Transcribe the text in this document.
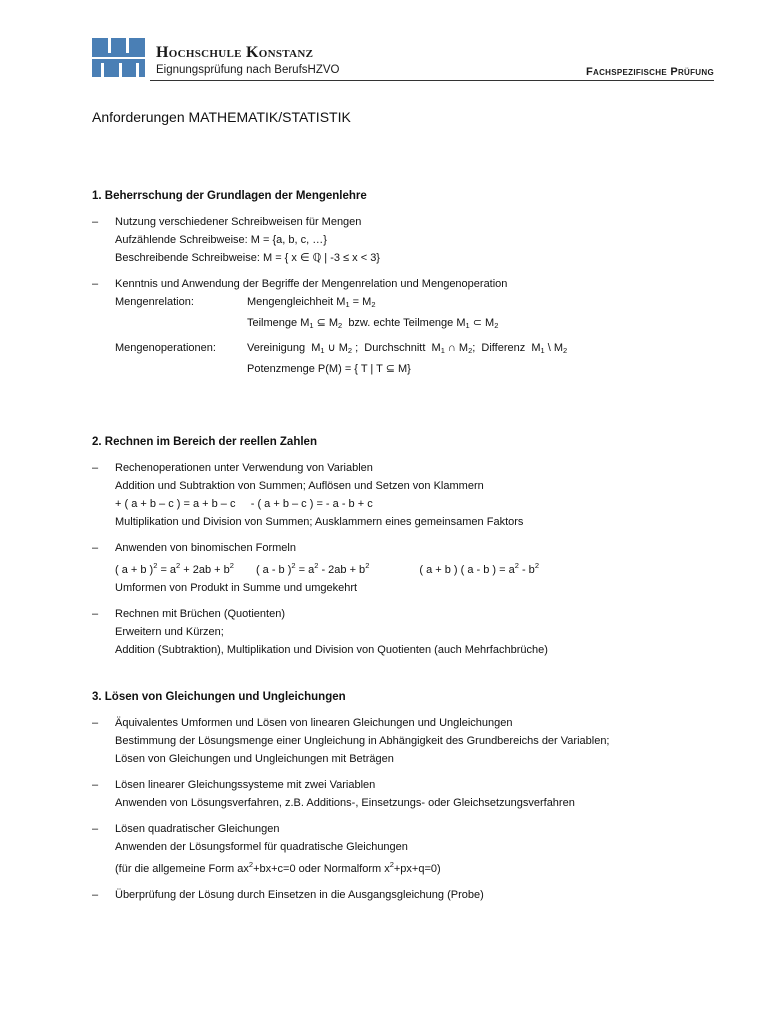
Hochschule Konstanz
Eignungsprüfung nach BerufsHZVO	Fachspezifische Prüfung
Anforderungen MATHEMATIK/STATISTIK
1. Beherrschung der Grundlagen der Mengenlehre
– Nutzung verschiedener Schreibweisen für Mengen
Aufzählende Schreibweise: M = {a, b, c, …}
Beschreibende Schreibweise: M = { x ∈ ℚ | -3 ≤ x < 3}
– Kenntnis und Anwendung der Begriffe der Mengenrelation und Mengenoperation
Mengenrelation:	Mengengleichheit $M_1 = M_2$
Teilmenge $M_1$ ⊆ $M_2$  bzw. echte Teilmenge $M_1$ ⊂ $M_2$
Mengenoperationen:	Vereinigung  $M_1$ ∪ $M_2$ ;  Durchschnitt  $M_1$ ∩ $M_2$;  Differenz  $M_1$ \ $M_2$
Potenzmenge P(M) = { T | T ⊆ M}
2. Rechnen im Bereich der reellen Zahlen
– Rechenoperationen unter Verwendung von Variablen
Addition und Subtraktion von Summen; Auflösen und Setzen von Klammern
+ ( a + b – c ) = a + b – c     - ( a + b – c ) = - a - b + c
Multiplikation und Division von Summen; Ausklammern eines gemeinsamen Faktors
– Anwenden von binomischen Formeln
( a + b )$^2 = a^2 + 2ab + b^2$ ( a - b )$^2 = a^2 - 2ab + b^2$	( a + b ) ( a - b ) = $a^2 - b^2$
Umformen von Produkt in Summe und umgekehrt
– Rechnen mit Brüchen (Quotienten)
Erweitern und Kürzen;
Addition (Subtraktion), Multiplikation und Division von Quotienten (auch Mehrfachbrüche)
3. Lösen von Gleichungen und Ungleichungen
– Äquivalentes Umformen und Lösen von linearen Gleichungen und Ungleichungen
Bestimmung der Lösungsmenge einer Ungleichung in Abhängigkeit des Grundbereichs der Variablen;
Lösen von Gleichungen und Ungleichungen mit Beträgen
– Lösen linearer Gleichungssysteme mit zwei Variablen
Anwenden von Lösungsverfahren, z.B. Additions-, Einsetzungs- oder Gleichsetzungsverfahren
– Lösen quadratischer Gleichungen
Anwenden der Lösungsformel für quadratische Gleichungen
(für die allgemeine Form $ax^2+bx+c=0$ oder Normalform $x^2+px+q=0$)
– Überprüfung der Lösung durch Einsetzen in die Ausgangsgleichung (Probe)
